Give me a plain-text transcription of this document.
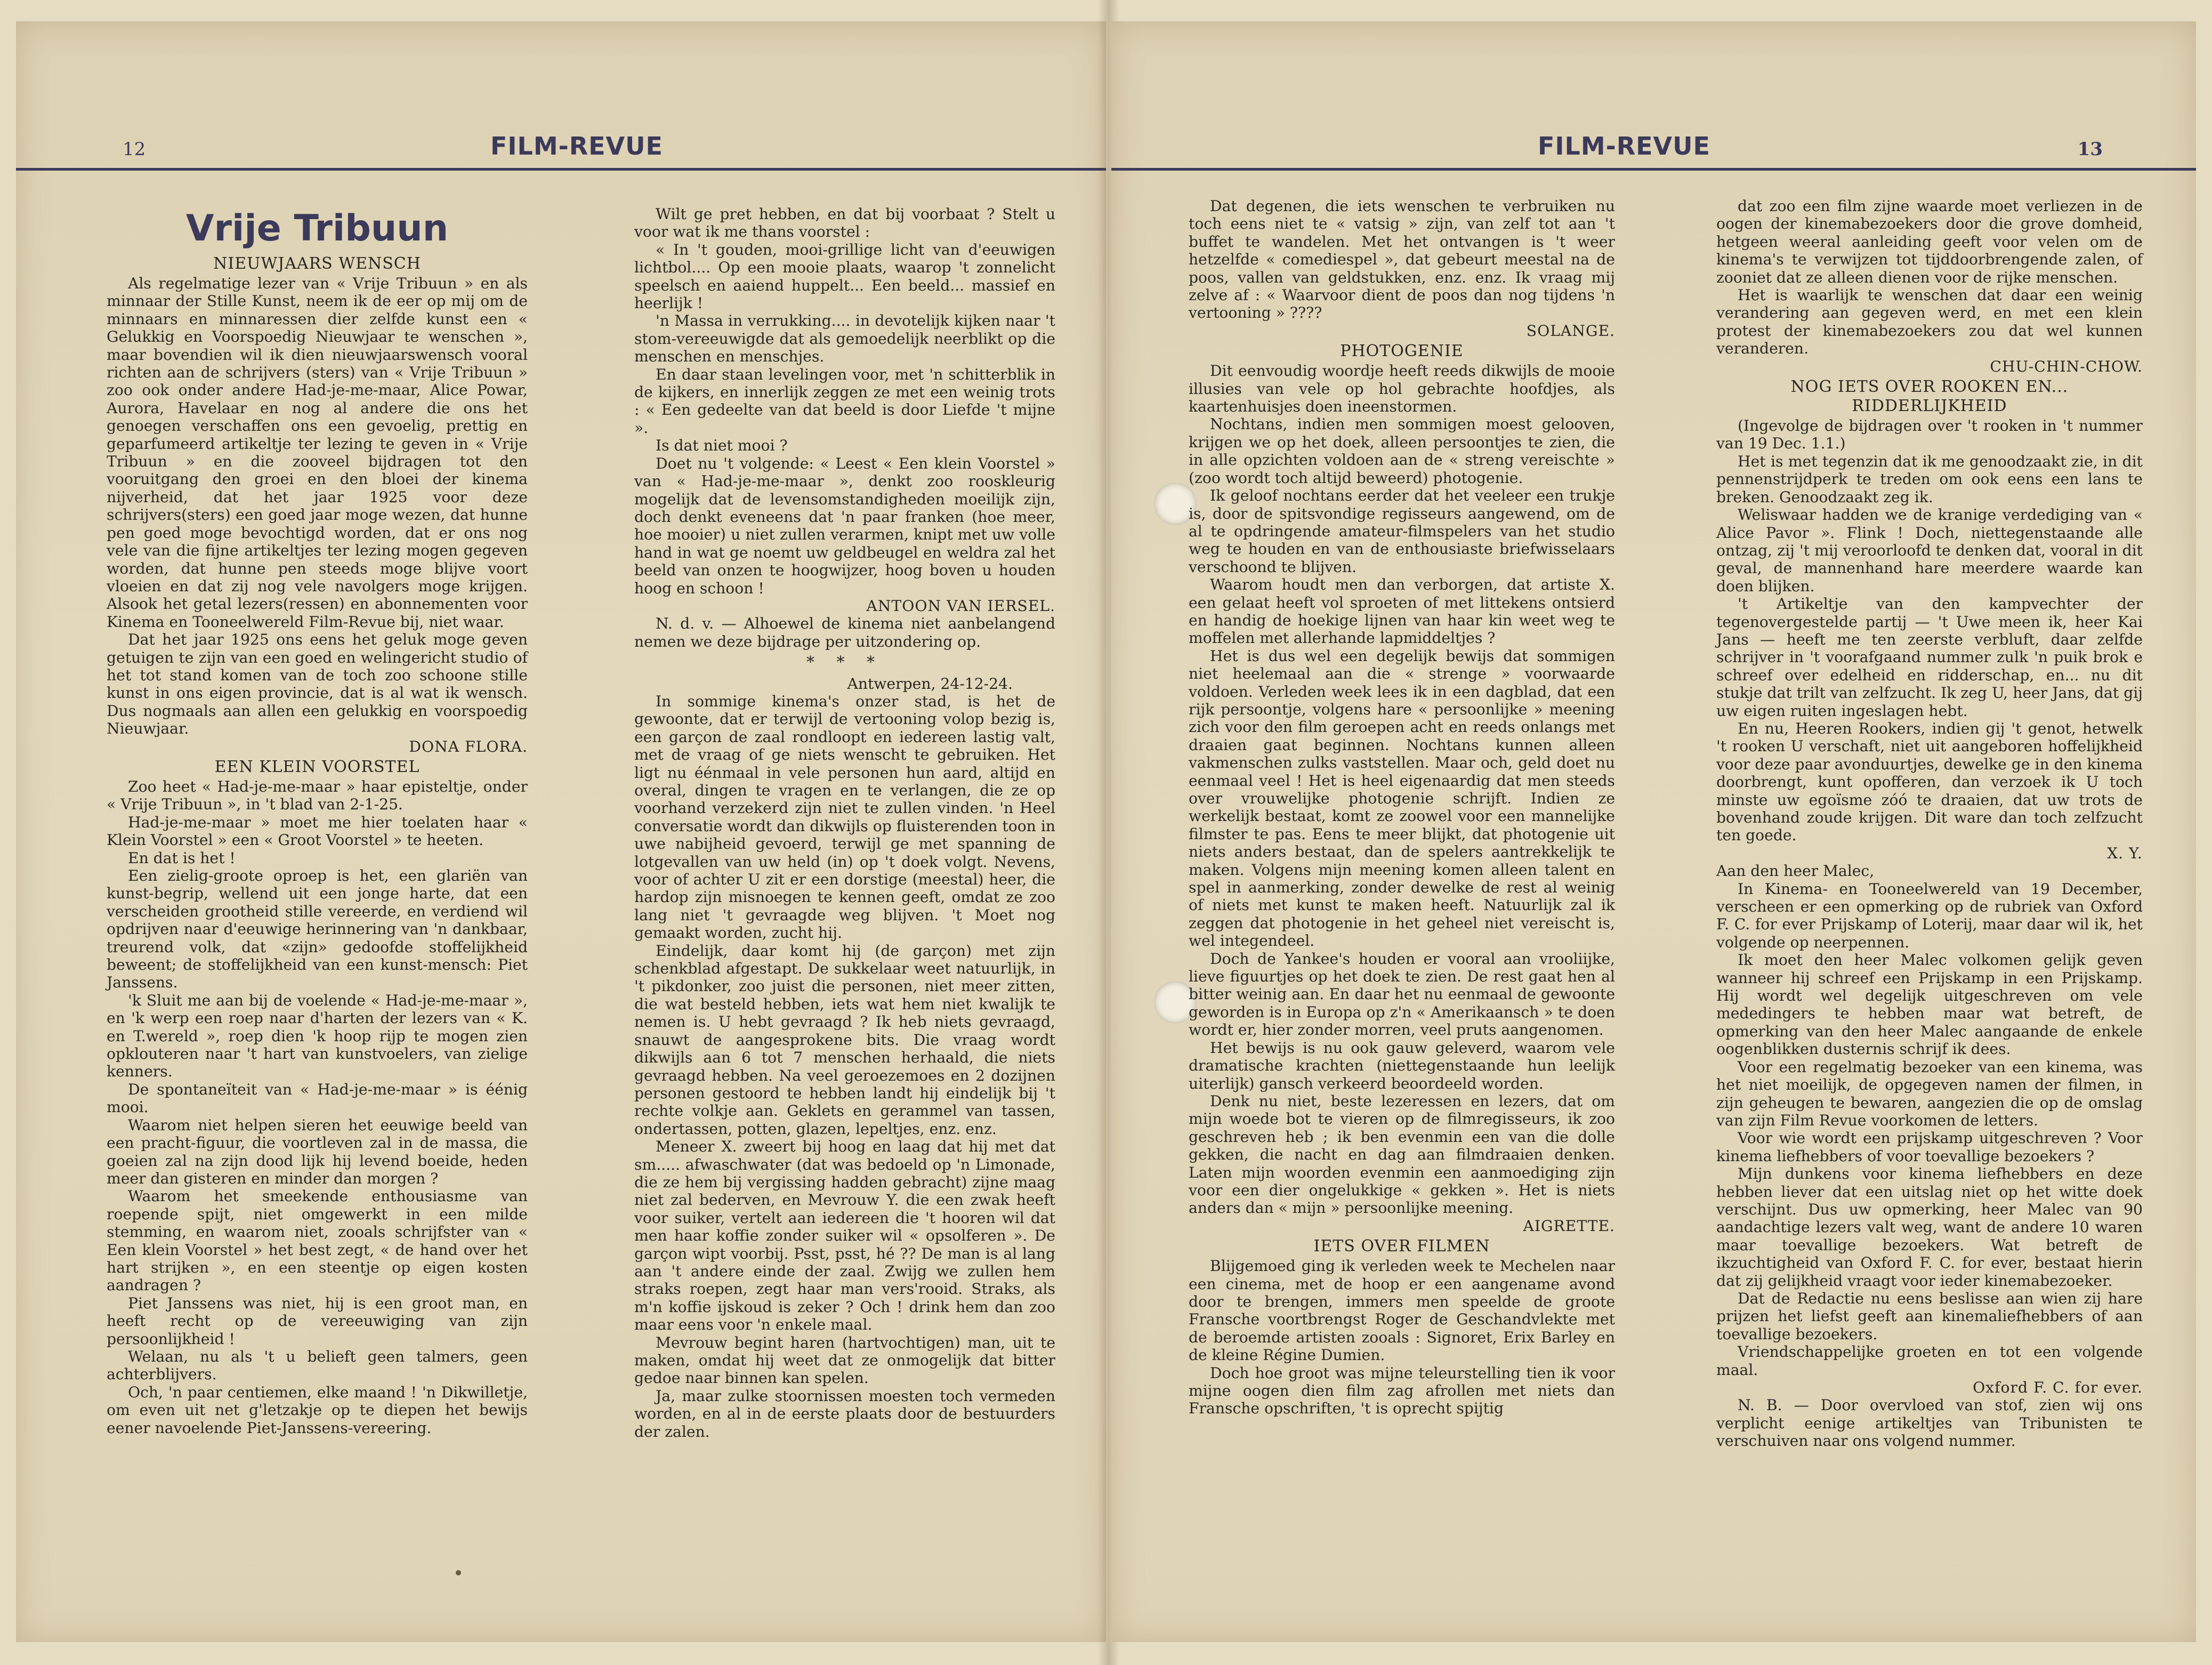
12	FILM-REVUE
Vrije Tribuun
NIEUWJAARS WENSCH

Als regelmatige lezer van « Vrije Tribuun » en als minnaar der Stille Kunst, neem ik de eer op mij om de minnaars en minnaressen dier zelfde kunst een « Gelukkig en Voorspoedig Nieuwjaar te wenschen », maar bovendien wil ik dien nieuwjaarswensch vooral richten aan de schrijvers (sters) van « Vrije Tribuun » zoo ook onder andere Had-je-me-maar, Alice Powar, Aurora, Havelaar en nog al andere die ons het genoegen verschaffen ons een gevoelig, prettig en geparfumeerd artikeltje ter lezing te geven in « Vrije Tribuun » en die zooveel bijdragen tot den vooruitgang den groei en den bloei der kinema nijverheid, dat het jaar 1925 voor deze schrijvers(sters) een goed jaar moge wezen, dat hunne pen goed moge bevochtigd worden, dat er ons nog vele van die fijne artikeltjes ter lezing mogen gegeven worden, dat hunne pen steeds moge blijve voort vloeien en dat zij nog vele navolgers moge krijgen. Alsook het getal lezers(ressen) en abonnementen voor Kinema en Tooneelwereld Film-Revue bij, niet waar.

Dat het jaar 1925 ons eens het geluk moge geven getuigen te zijn van een goed en welingericht studio of het tot stand komen van de toch zoo schoone stille kunst in ons eigen provincie, dat is al wat ik wensch. Dus nogmaals aan allen een gelukkig en voorspoedig Nieuwjaar.

DONA FLORA.

EEN KLEIN VOORSTEL

Zoo heet « Had-je-me-maar » haar episteltje, onder « Vrije Tribuun », in 't blad van 2-1-25.

Had-je-me-maar » moet me hier toelaten haar « Klein Voorstel » een « Groot Voorstel » te heeten.

En dat is het !

Een zielig-groote oproep is het, een glariën van kunst-begrip, wellend uit een jonge harte, dat een verscheiden grootheid stille vereerde, en verdiend wil opdrijven naar d'eeuwige herinnering van 'n dankbaar, treurend volk, dat «zijn» gedoofde stoffelijkheid beweent; de stoffelijkheid van een kunst-mensch: Piet Janssens.

'k Sluit me aan bij de voelende « Had-je-me-maar », en 'k werp een roep naar d'harten der lezers van « K. en T.wereld », roep dien 'k hoop rijp te mogen zien opklouteren naar 't hart van kunstvoelers, van zielige kenners.

De spontaneïteit van « Had-je-me-maar » is éénig mooi.

Waarom niet helpen sieren het eeuwige beeld van een pracht-figuur, die voortleven zal in de massa, die goeien zal na zijn dood lijk hij levend boeide, heden meer dan gisteren en minder dan morgen ?

Waarom het smeekende enthousiasme van roepende spijt, niet omgewerkt in een milde stemming, en waarom niet, zooals schrijfster van « Een klein Voorstel » het best zegt, « de hand over het hart strijken », en een steentje op eigen kosten aandragen ?

Piet Janssens was niet, hij is een groot man, en heeft recht op de vereeuwiging van zijn persoonlijkheid !

Welaan, nu als 't u belieft geen talmers, geen achterblijvers.

Och, 'n paar centiemen, elke maand ! 'n Dikwilletje, om even uit net g'letzakje op te diepen het bewijs eener navoelende Piet-Janssens-vereering.

Wilt ge pret hebben, en dat bij voorbaat ? Stelt u voor wat ik me thans voorstel :

« In 't gouden, mooi-grillige licht van d'eeuwigen lichtbol.... Op een mooie plaats, waarop 't zonnelicht speelsch en aaiend huppelt... Een beeld... massief en heerlijk !

'n Massa in verrukking.... in devotelijk kijken naar 't stom-vereeuwigde dat als gemoedelijk neerblikt op die menschen en menschjes.

En daar staan levelingen voor, met 'n schitterblik in de kijkers, en innerlijk zeggen ze met een weinig trots : « Een gedeelte van dat beeld is door Liefde 't mijne ».

Is dat niet mooi ?

Doet nu 't volgende: « Leest « Een klein Voorstel » van « Had-je-me-maar », denkt zoo rooskleurig mogelijk dat de levensomstandigheden moeilijk zijn, doch denkt eveneens dat 'n paar franken (hoe meer, hoe mooier) u niet zullen verarmen, knipt met uw volle hand in wat ge noemt uw geldbeugel en weldra zal het beeld van onzen te hoogwijzer, hoog boven u houden hoog en schoon !

ANTOON VAN IERSEL.

N. d. v. — Alhoewel de kinema niet aanbelangend nemen we deze bijdrage per uitzondering op.

* * *

Antwerpen, 24-12-24.

In sommige kinema's onzer stad, is het de gewoonte, dat er terwijl de vertooning volop bezig is, een garçon de zaal rondloopt en iedereen lastig valt, met de vraag of ge niets wenscht te gebruiken. Het ligt nu éénmaal in vele personen hun aard, altijd en overal, dingen te vragen en te verlangen, die ze op voorhand verzekerd zijn niet te zullen vinden. 'n Heel conversatie wordt dan dikwijls op fluisterenden toon in uwe nabijheid gevoerd, terwijl ge met spanning de lotgevallen van uw held (in) op 't doek volgt. Nevens, voor of achter U zit er een dorstige (meestal) heer, die hardop zijn misnoegen te kennen geeft, omdat ze zoo lang niet 't gevraagde weg blijven. 't Moet nog gemaakt worden, zucht hij.

Eindelijk, daar komt hij (de garçon) met zijn schenkblad afgestapt. De sukkelaar weet natuurlijk, in 't pikdonker, zoo juist die personen, niet meer zitten, die wat besteld hebben, iets wat hem niet kwalijk te nemen is. U hebt gevraagd ? Ik heb niets gevraagd, snauwt de aangesprokene bits. Die vraag wordt dikwijls aan 6 tot 7 menschen herhaald, die niets gevraagd hebben. Na veel geroezemoes en 2 dozijnen personen gestoord te hebben landt hij eindelijk bij 't rechte volkje aan. Geklets en gerammel van tassen, ondertassen, potten, glazen, lepeltjes, enz. enz.

Meneer X. zweert bij hoog en laag dat hij met dat sm..... afwaschwater (dat was bedoeld op 'n Limonade, die ze hem bij vergissing hadden gebracht) zijne maag niet zal bederven, en Mevrouw Y. die een zwak heeft voor suiker, vertelt aan iedereen die 't hooren wil dat men haar koffie zonder suiker wil « opsolferen ». De garçon wipt voorbij. Psst, psst, hé ?? De man is al lang aan 't andere einde der zaal. Zwijg we zullen hem straks roepen, zegt haar man vers'rooid. Straks, als m'n koffie ijskoud is zeker ? Och ! drink hem dan zoo maar eens voor 'n enkele maal.

Mevrouw begint haren (hartvochtigen) man, uit te maken, omdat hij weet dat ze onmogelijk dat bitter gedoe naar binnen kan spelen.

Ja, maar zulke stoornissen moesten toch vermeden worden, en al in de eerste plaats door de bestuurders der zalen.

FILM-REVUE	13

Dat degenen, die iets wenschen te verbruiken nu toch eens niet te « vatsig » zijn, van zelf tot aan 't buffet te wandelen. Met het ontvangen is 't weer hetzelfde « comediespel », dat gebeurt meestal na de poos, vallen van geldstukken, enz. enz. Ik vraag mij zelve af : « Waarvoor dient de poos dan nog tijdens 'n vertooning » ????

SOLANGE.

PHOTOGENIE

Dit eenvoudig woordje heeft reeds dikwijls de mooie illusies van vele op hol gebrachte hoofdjes, als kaartenhuisjes doen ineenstormen.

Nochtans, indien men sommigen moest gelooven, krijgen we op het doek, alleen persoontjes te zien, die in alle opzichten voldoen aan de « streng vereischte » (zoo wordt toch altijd beweerd) photogenie.

Ik geloof nochtans eerder dat het veeleer een trukje is, door de spitsvondige regisseurs aangewend, om de al te opdringende amateur-filmspelers van het studio weg te houden en van de enthousiaste briefwisselaars verschoond te blijven.

Waarom houdt men dan verborgen, dat artiste X. een gelaat heeft vol sproeten of met littekens ontsierd en handig de hoekige lijnen van haar kin weet weg te moffelen met allerhande lapmiddeltjes ?

Het is dus wel een degelijk bewijs dat sommigen niet heelemaal aan die « strenge » voorwaarde voldoen. Verleden week lees ik in een dagblad, dat een rijk persoontje, volgens hare « persoonlijke » meening zich voor den film geroepen acht en reeds onlangs met draaien gaat beginnen. Nochtans kunnen alleen vakmenschen zulks vaststellen. Maar och, geld doet nu eenmaal veel ! Het is heel eigenaardig dat men steeds over vrouwelijke photogenie schrijft. Indien ze werkelijk bestaat, komt ze zoowel voor een mannelijke filmster te pas. Eens te meer blijkt, dat photogenie uit niets anders bestaat, dan de spelers aantrekkelijk te maken. Volgens mijn meening komen alleen talent en spel in aanmerking, zonder dewelke de rest al weinig of niets met kunst te maken heeft. Natuurlijk zal ik zeggen dat photogenie in het geheel niet vereischt is, wel integendeel.

Doch de Yankee's houden er vooral aan vrooliijke, lieve figuurtjes op het doek te zien. De rest gaat hen al bitter weinig aan. En daar het nu eenmaal de gewoonte geworden is in Europa op z'n « Amerikaansch » te doen wordt er, hier zonder morren, veel pruts aangenomen.

Het bewijs is nu ook gauw geleverd, waarom vele dramatische krachten (niettegenstaande hun leelijk uiterlijk) gansch verkeerd beoordeeld worden.

Denk nu niet, beste lezeressen en lezers, dat om mijn woede bot te vieren op de filmregisseurs, ik zoo geschreven heb ; ik ben evenmin een van die dolle gekken, die nacht en dag aan filmdraaien denken. Laten mijn woorden evenmin een aanmoediging zijn voor een dier ongelukkige « gekken ». Het is niets anders dan « mijn » persoonlijke meening.

AIGRETTE.

IETS OVER FILMEN

Blijgemoed ging ik verleden week te Mechelen naar een cinema, met de hoop er een aangename avond door te brengen, immers men speelde de groote Fransche voortbrengst Roger de Geschandvlekte met de beroemde artisten zooals : Signoret, Erix Barley en de kleine Régine Dumien.

Doch hoe groot was mijne teleurstelling tien ik voor mijne oogen dien film zag afrollen met niets dan Fransche opschriften, 't is oprecht spijtig

dat zoo een film zijne waarde moet verliezen in de oogen der kinemabezoekers door die grove domheid, hetgeen weeral aanleiding geeft voor velen om de kinema's te verwijzen tot tijddoorbrengende zalen, of zooniet dat ze alleen dienen voor de rijke menschen.

Het is waarlijk te wenschen dat daar een weinig verandering aan gegeven werd, en met een klein protest der kinemabezoekers zou dat wel kunnen veranderen.

CHU-CHIN-CHOW.

NOG IETS OVER ROOKEN EN... RIDDERLIJKHEID

(Ingevolge de bijdragen over 't rooken in 't nummer van 19 Dec. 1.1.)

Het is met tegenzin dat ik me genoodzaakt zie, in dit pennenstrijdperk te treden om ook eens een lans te breken. Genoodzaakt zeg ik.

Weliswaar hadden we de kranige verdediging van « Alice Pavor ». Flink ! Doch, niettegenstaande alle ontzag, zij 't mij veroorloofd te denken dat, vooral in dit geval, de mannenhand hare meerdere waarde kan doen blijken.

't Artikeltje van den kampvechter der tegenovergestelde partij — 't Uwe meen ik, heer Kai Jans — heeft me ten zeerste verbluft, daar zelfde schrijver in 't voorafgaand nummer zulk 'n puik brok e schreef over edelheid en ridderschap, en... nu dit stukje dat trilt van zelfzucht. Ik zeg U, heer Jans, dat gij uw eigen ruiten ingeslagen hebt.

En nu, Heeren Rookers, indien gij 't genot, hetwelk 't rooken U verschaft, niet uit aangeboren hoffelijkheid voor deze paar avonduurtjes, dewelke ge in den kinema doorbrengt, kunt opofferen, dan verzoek ik U toch minste uw egoïsme zóó te draaien, dat uw trots de bovenhand zoude krijgen. Dit ware dan toch zelfzucht ten goede.

X. Y.

Aan den heer Malec,

In Kinema- en Tooneelwereld van 19 December, verscheen er een opmerking op de rubriek van Oxford F. C. for ever Prijskamp of Loterij, maar daar wil ik, het volgende op neerpennen.

Ik moet den heer Malec volkomen gelijk geven wanneer hij schreef een Prijskamp in een Prijskamp. Hij wordt wel degelijk uitgeschreven om vele mededingers te hebben maar wat betreft, de opmerking van den heer Malec aangaande de enkele oogenblikken dusternis schrijf ik dees.

Voor een regelmatig bezoeker van een kinema, was het niet moeilijk, de opgegeven namen der filmen, in zijn geheugen te bewaren, aangezien die op de omslag van zijn Film Revue voorkomen de letters.

Voor wie wordt een prijskamp uitgeschreven ? Voor kinema liefhebbers of voor toevallige bezoekers ?

Mijn dunkens voor kinema liefhebbers en deze hebben liever dat een uitslag niet op het witte doek verschijnt. Dus uw opmerking, heer Malec van 90 aandachtige lezers valt weg, want de andere 10 waren maar toevallige bezoekers. Wat betreft de ikzuchtigheid van Oxford F. C. for ever, bestaat hierin dat zij gelijkheid vraagt voor ieder kinemabezoeker.

Dat de Redactie nu eens beslisse aan wien zij hare prijzen het liefst geeft aan kinemaliefhebbers of aan toevallige bezoekers.

Vriendschappelijke groeten en tot een volgende maal.

Oxford F. C. for ever.

N. B. — Door overvloed van stof, zien wij ons verplicht eenige artikeltjes van Tribunisten te verschuiven naar ons volgend nummer.
